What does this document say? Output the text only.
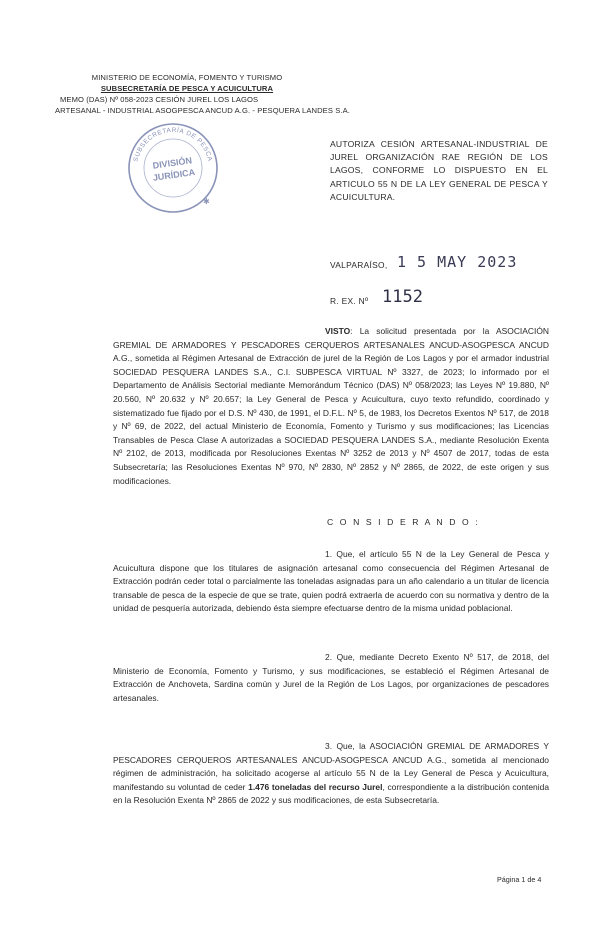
MINISTERIO DE ECONOMÍA, FOMENTO Y TURISMO
SUBSECRETARÍA DE PESCA Y ACUICULTURA
MEMO (DAS) Nº 058-2023 CESIÓN JUREL LOS LAGOS
ARTESANAL - INDUSTRIAL ASOGPESCA ANCUD A.G. - PESQUERA LANDES S.A.
SUBSECRETARÍA DE PESCA
DIVISIÓN
JURÍDICA
✱
AUTORIZA CESIÓN ARTESANAL-INDUSTRIAL DE JUREL ORGANIZACIÓN RAE REGIÓN DE LOS LAGOS, CONFORME LO DISPUESTO EN EL ARTICULO 55 N DE LA LEY GENERAL DE PESCA Y ACUICULTURA.
VALPARAÍSO, 1 5 MAY 2023
R. EX. Nº 1152
VISTO: La solicitud presentada por la ASOCIACIÓN GREMIAL DE ARMADORES Y PESCADORES CERQUEROS ARTESANALES ANCUD-ASOGPESCA ANCUD A.G., sometida al Régimen Artesanal de Extracción de jurel de la Región de Los Lagos y por el armador industrial SOCIEDAD PESQUERA LANDES S.A., C.I. SUBPESCA VIRTUAL Nº 3327, de 2023; lo informado por el Departamento de Análisis Sectorial mediante Memorándum Técnico (DAS) Nº 058/2023; las Leyes Nº 19.880, Nº 20.560, Nº 20.632 y Nº 20.657; la Ley General de Pesca y Acuicultura, cuyo texto refundido, coordinado y sistematizado fue fijado por el D.S. Nº 430, de 1991, el D.F.L. Nº 5, de 1983, los Decretos Exentos Nº 517, de 2018 y Nº 69, de 2022, del actual Ministerio de Economía, Fomento y Turismo y sus modificaciones; las Licencias Transables de Pesca Clase A autorizadas a SOCIEDAD PESQUERA LANDES S.A., mediante Resolución Exenta Nº 2102, de 2013, modificada por Resoluciones Exentas Nº 3252 de 2013 y Nº 4507 de 2017, todas de esta Subsecretaría; las Resoluciones Exentas Nº 970, Nº 2830, Nº 2852 y Nº 2865, de 2022, de este origen y sus modificaciones.
C O N S I D E R A N D O :
1. Que, el artículo 55 N de la Ley General de Pesca y Acuicultura dispone que los titulares de asignación artesanal como consecuencia del Régimen Artesanal de Extracción podrán ceder total o parcialmente las toneladas asignadas para un año calendario a un titular de licencia transable de pesca de la especie de que se trate, quien podrá extraerla de acuerdo con su normativa y dentro de la unidad de pesquería autorizada, debiendo ésta siempre efectuarse dentro de la misma unidad poblacional.
2. Que, mediante Decreto Exento Nº 517, de 2018, del Ministerio de Economía, Fomento y Turismo, y sus modificaciones, se estableció el Régimen Artesanal de Extracción de Anchoveta, Sardina común y Jurel de la Región de Los Lagos, por organizaciones de pescadores artesanales.
3. Que, la ASOCIACIÓN GREMIAL DE ARMADORES Y PESCADORES CERQUEROS ARTESANALES ANCUD-ASOGPESCA ANCUD A.G., sometida al mencionado régimen de administración, ha solicitado acogerse al artículo 55 N de la Ley General de Pesca y Acuicultura, manifestando su voluntad de ceder 1.476 toneladas del recurso Jurel, correspondiente a la distribución contenida en la Resolución Exenta Nº 2865 de 2022 y sus modificaciones, de esta Subsecretaría.
Página 1 de 4
